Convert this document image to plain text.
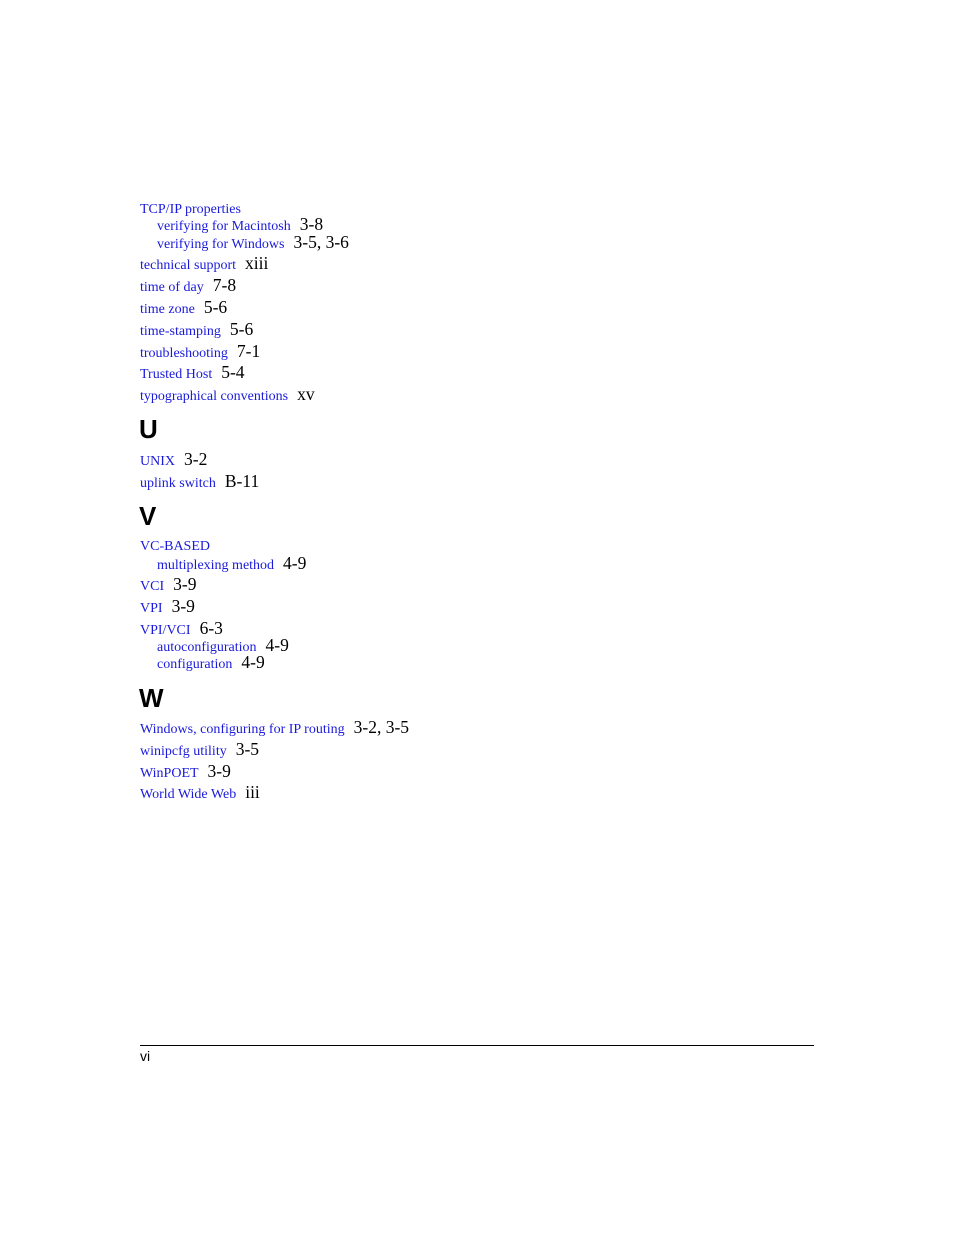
TCP/IP properties
verifying for Macintosh 3-8
verifying for Windows 3-5, 3-6
technical support xiii
time of day 7-8
time zone 5-6
time-stamping 5-6
troubleshooting 7-1
Trusted Host 5-4
typographical conventions xv
U
UNIX 3-2
uplink switch B-11
V
VC-BASED
multiplexing method 4-9
VCI 3-9
VPI 3-9
VPI/VCI 6-3
autoconfiguration 4-9
configuration 4-9
W
Windows, configuring for IP routing 3-2, 3-5
winipcfg utility 3-5
WinPOET 3-9
World Wide Web iii
vi
